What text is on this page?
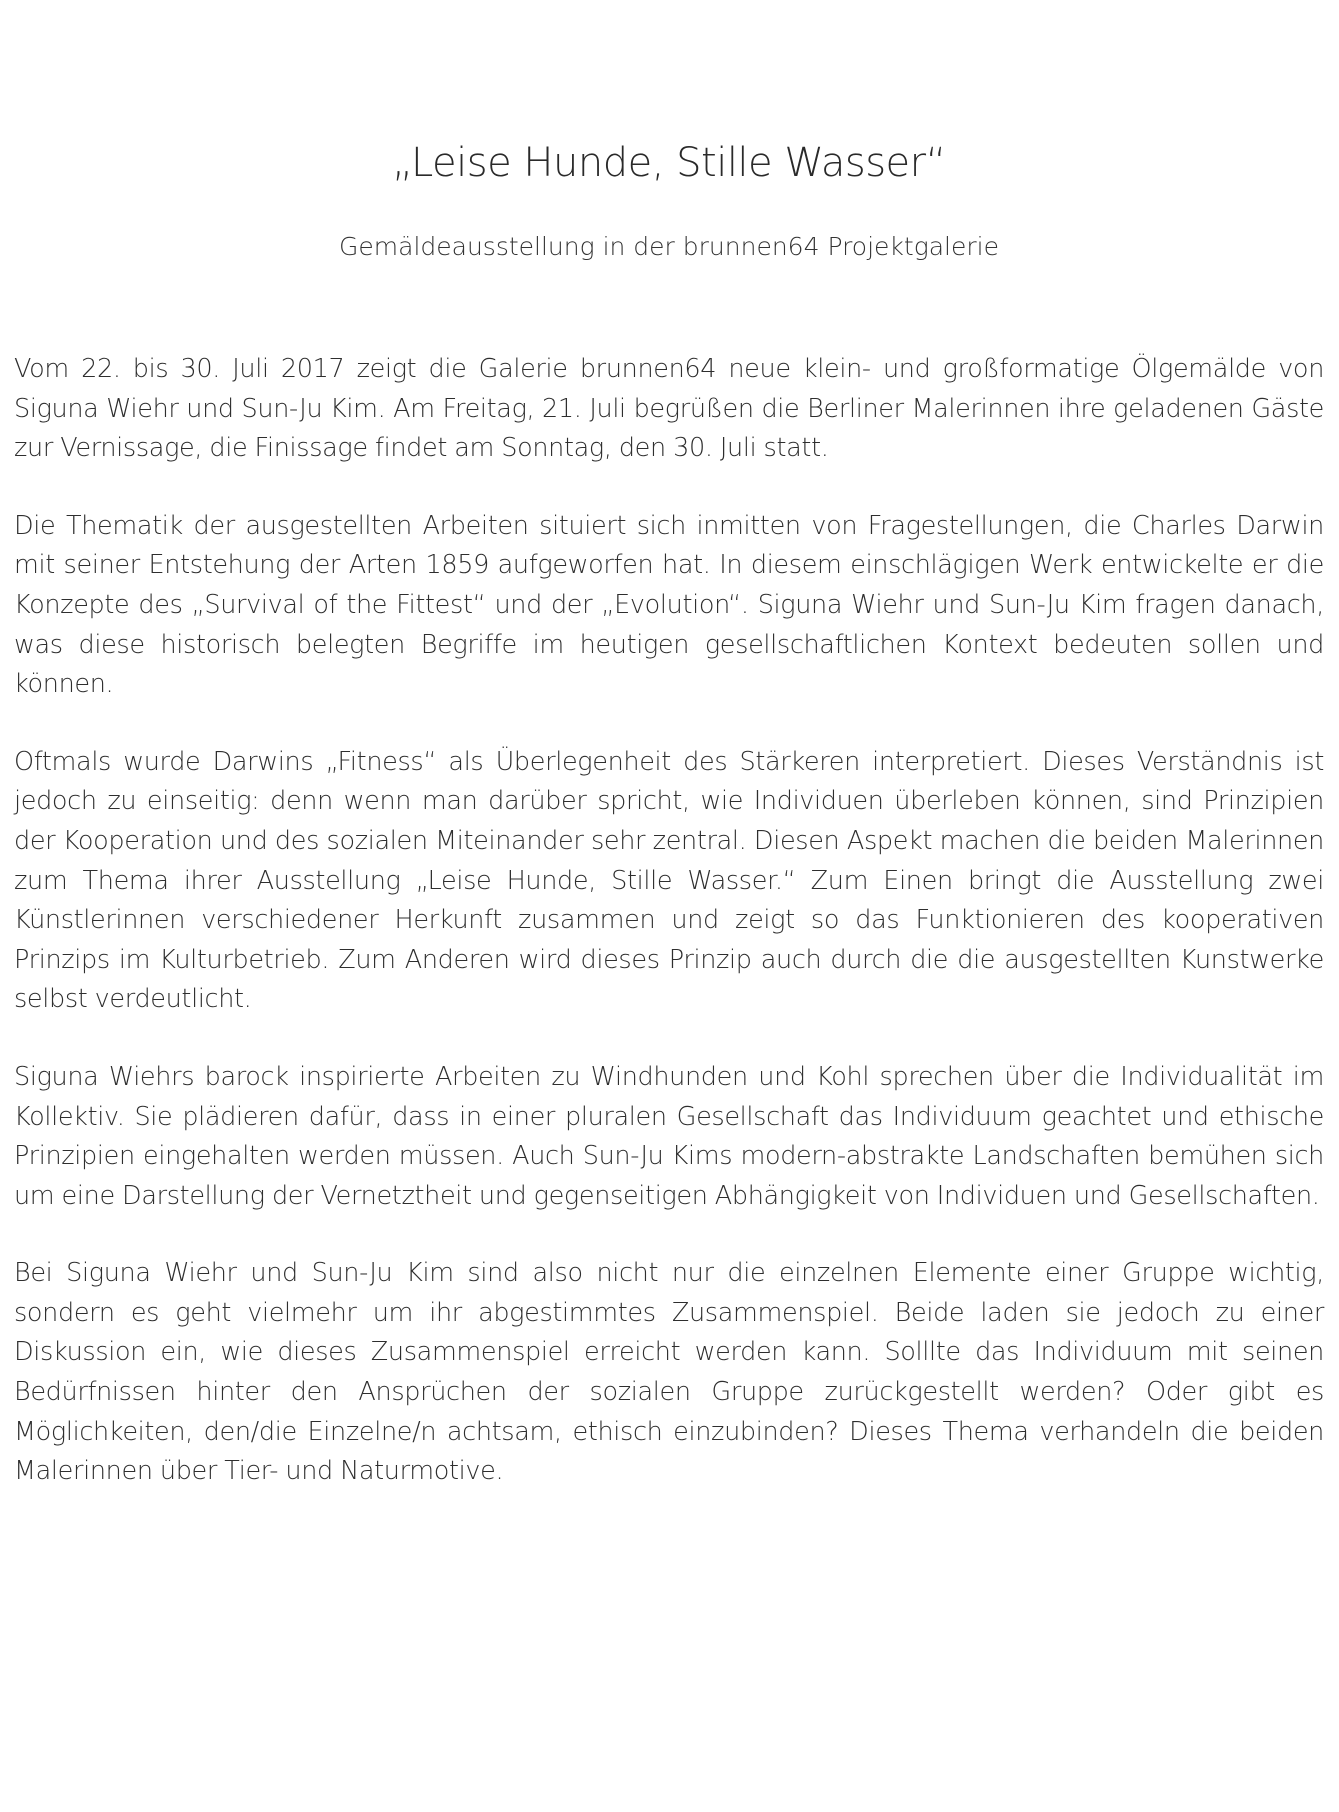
„Leise Hunde, Stille Wasser“
Gemäldeausstellung in der brunnen64 Projektgalerie

Vom 22. bis 30. Juli 2017 zeigt die Galerie brunnen64 neue klein- und großformatige Ölgemälde von Siguna Wiehr und Sun-Ju Kim. Am Freitag, 21. Juli begrüßen die Berliner Malerinnen ihre geladenen Gäste zur Vernissage, die Finissage findet am Sonntag, den 30. Juli statt.

Die Thematik der ausgestellten Arbeiten situiert sich inmitten von Fragestellungen, die Charles Darwin mit seiner Entstehung der Arten 1859 aufgeworfen hat. In diesem einschlägigen Werk entwickelte er die Konzepte des „Survival of the Fittest“ und der „Evolution“. Siguna Wiehr und Sun-Ju Kim fragen danach, was diese historisch belegten Begriffe im heutigen gesellschaftlichen Kontext bedeuten sollen und können.

Oftmals wurde Darwins „Fitness“ als Überlegenheit des Stärkeren interpretiert. Dieses Verständnis ist jedoch zu einseitig: denn wenn man darüber spricht, wie Individuen überleben können, sind Prinzipien der Kooperation und des sozialen Miteinander sehr zentral. Diesen Aspekt machen die beiden Malerinnen zum Thema ihrer Ausstellung „Leise Hunde, Stille Wasser.“ Zum Einen bringt die Ausstellung zwei Künstlerinnen verschiedener Herkunft zusammen und zeigt so das Funktionieren des kooperativen Prinzips im Kulturbetrieb. Zum Anderen wird dieses Prinzip auch durch die die ausgestellten Kunstwerke selbst verdeutlicht.

Siguna Wiehrs barock inspirierte Arbeiten zu Windhunden und Kohl sprechen über die Individualität im Kollektiv. Sie plädieren dafür, dass in einer pluralen Gesellschaft das Individuum geachtet und ethische Prinzipien eingehalten werden müssen. Auch Sun-Ju Kims modern-abstrakte Landschaften bemühen sich um eine Darstellung der Vernetztheit und gegenseitigen Abhängigkeit von Individuen und Gesellschaften.

Bei Siguna Wiehr und Sun-Ju Kim sind also nicht nur die einzelnen Elemente einer Gruppe wichtig, sondern es geht vielmehr um ihr abgestimmtes Zusammenspiel. Beide laden sie jedoch zu einer Diskussion ein, wie dieses Zusammenspiel erreicht werden kann. Solllte das Individuum mit seinen Bedürfnissen hinter den Ansprüchen der sozialen Gruppe zurückgestellt werden? Oder gibt es Möglichkeiten, den/die Einzelne/n achtsam, ethisch einzubinden? Dieses Thema verhandeln die beiden Malerinnen über Tier- und Naturmotive.
